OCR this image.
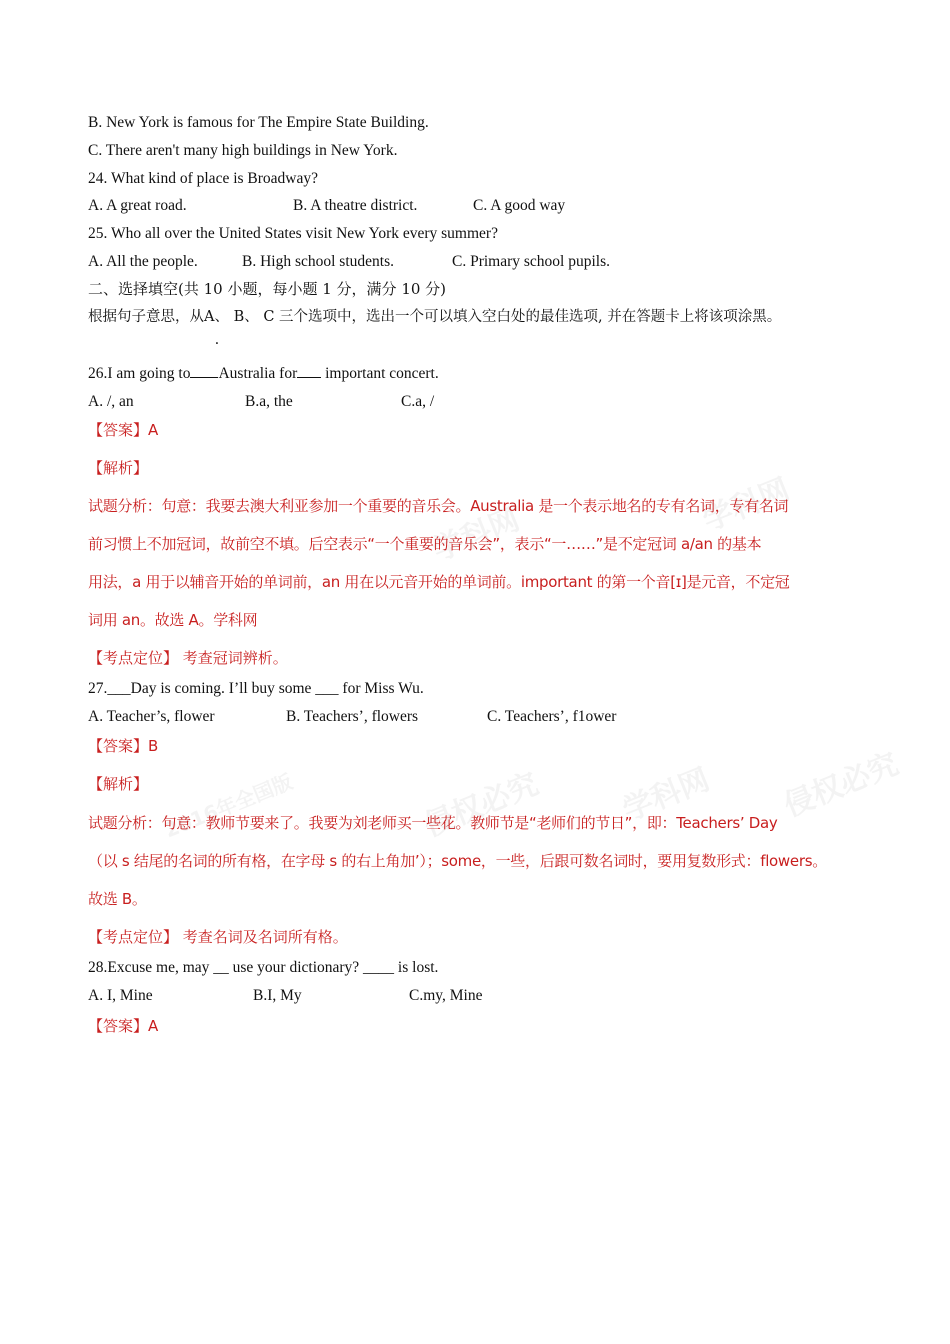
学科网	学科网
侵权必究 学科网
2016年全国版	侵权必究
B. New York is famous for The Empire State Building.
C. There aren't many high buildings in New York.
24. What kind of place is Broadway?
A. A great road.	B. A theatre district.	C. A good way
25. Who all over the United States visit New York every summer?
A. All the people.	B. High school students.	C. Primary school pupils.
二、选择填空(共 10 小题，每小题 1 分，满分 10 分)
根据句子意思，从A、 B、 C 三个选项中，选出一个可以填入空白处的最佳选项, 并在答题卡上将该项涂黑。
.
26.I am going to Australia for important concert.
A. /, an	B.a, the	C.a, /
【答案】A
【解析】
试题分析：句意：我要去澳大利亚参加一个重要的音乐会。Australia 是一个表示地名的专有名词，专有名词
前习惯上不加冠词，故前空不填。后空表示“一个重要的音乐会”，表示“一……”是不定冠词 a/an 的基本
用法，a 用于以辅音开始的单词前，an 用在以元音开始的单词前。important 的第一个音[ɪ]是元音，不定冠
词用 an。故选 A。学科网
【考点定位】 考查冠词辨析。
27.___Day is coming. I’ll buy some ___ for Miss Wu.
A. Teacher’s, flower	B. Teachers’, flowers	C. Teachers’, f1ower
【答案】B
【解析】
试题分析：句意：教师节要来了。我要为刘老师买一些花。教师节是“老师们的节日”，即：Teachers’ Day
（以 s 结尾的名词的所有格，在字母 s 的右上角加’）；some，一些，后跟可数名词时，要用复数形式：flowers。
故选 B。
【考点定位】 考查名词及名词所有格。
28.Excuse me, may __ use your dictionary? ____ is lost.
A. I, Mine	B.I, My	C.my, Mine
【答案】A
